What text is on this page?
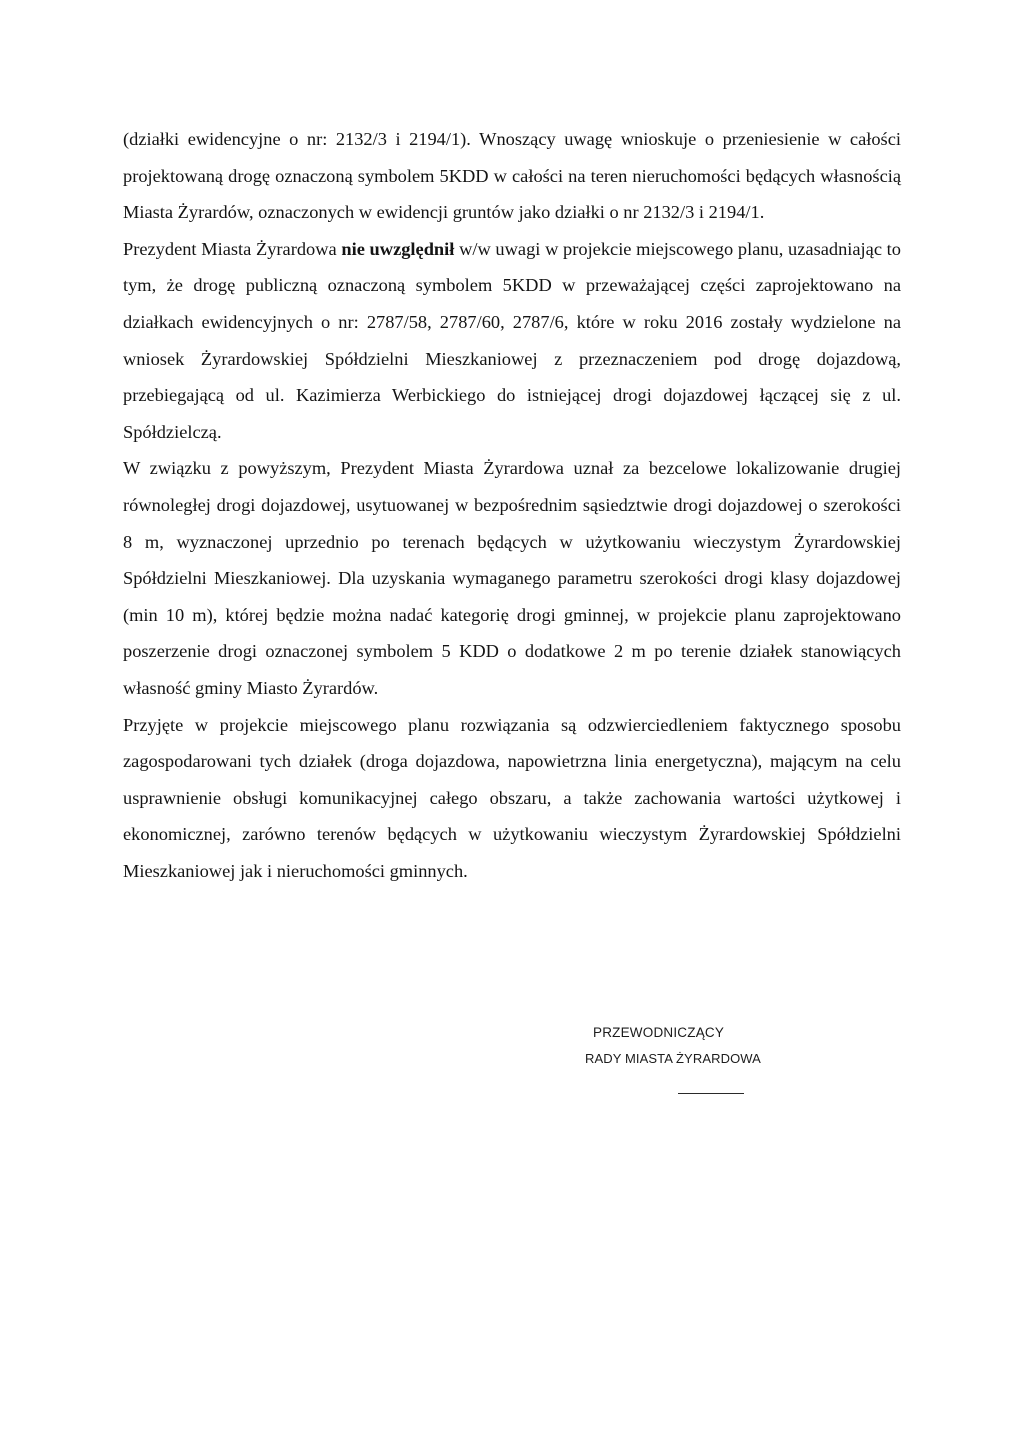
(działki ewidencyjne o nr: 2132/3 i 2194/1). Wnoszący uwagę wnioskuje o przeniesienie w całości projektowaną drogę oznaczoną symbolem 5KDD w całości na teren nieruchomości będących własnością Miasta Żyrardów, oznaczonych w ewidencji gruntów jako działki o nr 2132/3 i 2194/1.

Prezydent Miasta Żyrardowa nie uwzględnił w/w uwagi w projekcie miejscowego planu, uzasadniając to tym, że drogę publiczną oznaczoną symbolem 5KDD w przeważającej części zaprojektowano na działkach ewidencyjnych o nr: 2787/58, 2787/60, 2787/6, które w roku 2016 zostały wydzielone na wniosek Żyrardowskiej Spółdzielni Mieszkaniowej z przeznaczeniem pod drogę dojazdową, przebiegającą od ul. Kazimierza Werbickiego do istniejącej drogi dojazdowej łączącej się z ul. Spółdzielczą.

W związku z powyższym, Prezydent Miasta Żyrardowa uznał za bezcelowe lokalizowanie drugiej równoległej drogi dojazdowej, usytuowanej w bezpośrednim sąsiedztwie drogi dojazdowej o szerokości 8 m, wyznaczonej uprzednio po terenach będących w użytkowaniu wieczystym Żyrardowskiej Spółdzielni Mieszkaniowej. Dla uzyskania wymaganego parametru szerokości drogi klasy dojazdowej (min 10 m), której będzie można nadać kategorię drogi gminnej, w projekcie planu zaprojektowano poszerzenie drogi oznaczonej symbolem 5 KDD o dodatkowe 2 m po terenie działek stanowiących własność gminy Miasto Żyrardów.

Przyjęte w projekcie miejscowego planu rozwiązania są odzwierciedleniem faktycznego sposobu zagospodarowani tych działek (droga dojazdowa, napowietrzna linia energetyczna), mającym na celu usprawnienie obsługi komunikacyjnej całego obszaru, a także zachowania wartości użytkowej i ekonomicznej, zarówno terenów będących w użytkowaniu wieczystym Żyrardowskiej Spółdzielni Mieszkaniowej jak i nieruchomości gminnych.

PRZEWODNICZĄCY
RADY MIASTA ŻYRARDOWA
